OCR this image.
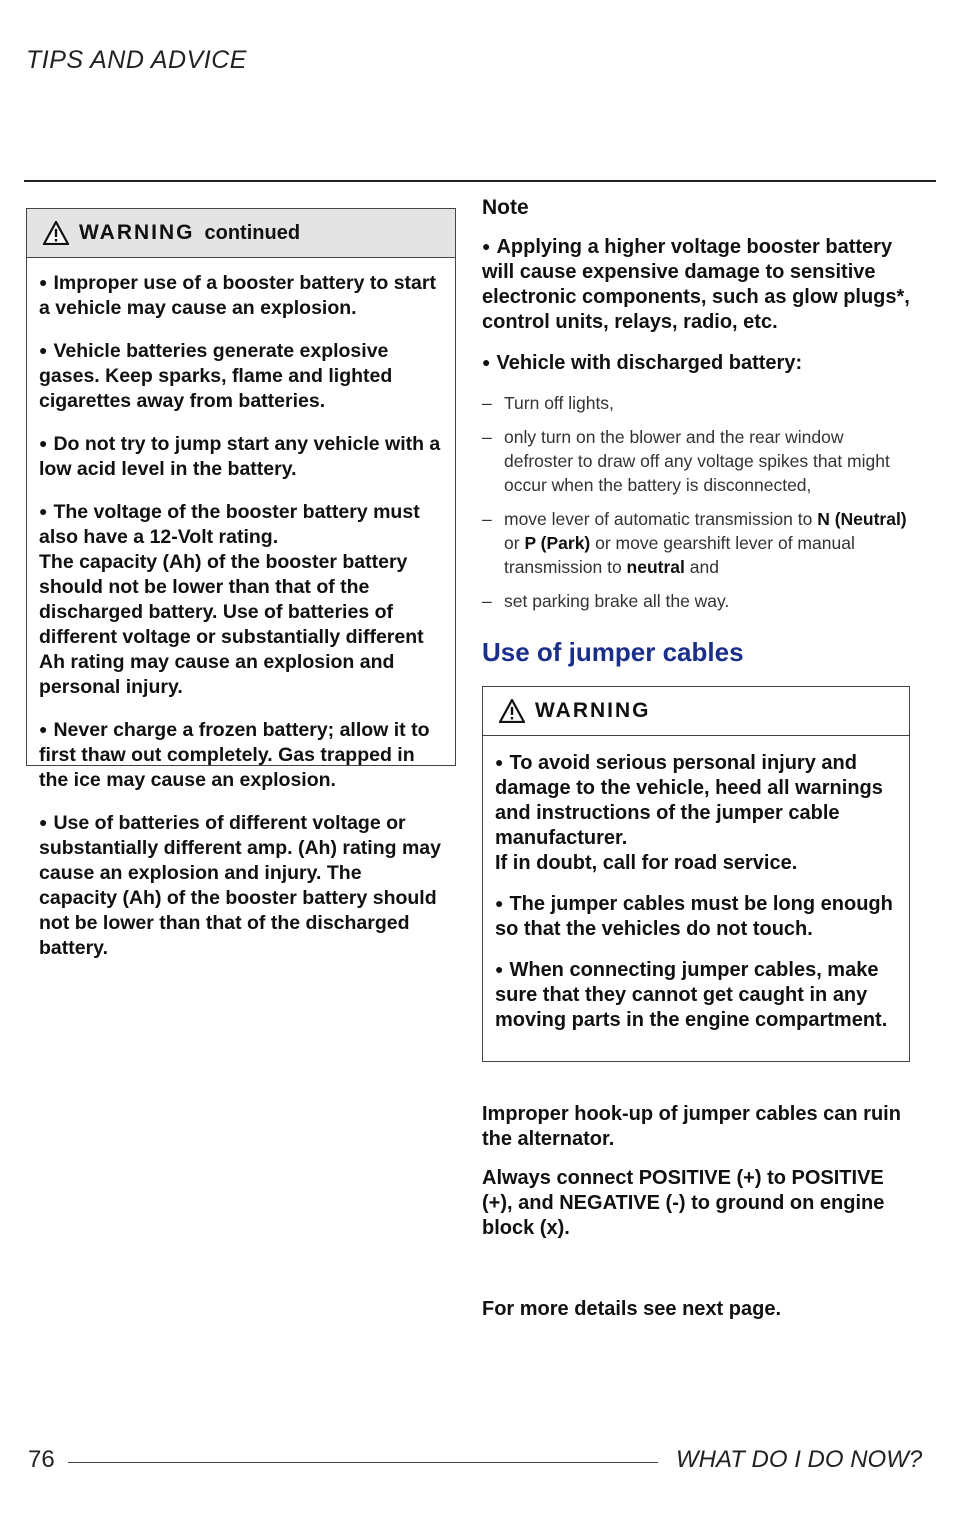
TIPS AND ADVICE
WARNING continued

● Improper use of a booster battery to start a vehicle may cause an explosion.

● Vehicle batteries generate explosive gases. Keep sparks, flame and lighted cigarettes away from batteries.

● Do not try to jump start any vehicle with a low acid level in the battery.

● The voltage of the booster battery must also have a 12-Volt rating.
The capacity (Ah) of the booster battery should not be lower than that of the discharged battery. Use of batteries of different voltage or substantially different Ah rating may cause an explosion and personal injury.

● Never charge a frozen battery; allow it to first thaw out completely. Gas trapped in the ice may cause an explosion.

● Use of batteries of different voltage or substantially different amp. (Ah) rating may cause an explosion and injury. The capacity (Ah) of the booster battery should not be lower than that of the discharged battery.

Note

● Applying a higher voltage booster battery will cause expensive damage to sensitive electronic components, such as glow plugs*, control units, relays, radio, etc.

● Vehicle with discharged battery:

– Turn off lights,
– only turn on the blower and the rear window defroster to draw off any voltage spikes that might occur when the battery is disconnected,
– move lever of automatic transmission to N (Neutral) or P (Park) or move gearshift lever of manual transmission to neutral and
– set parking brake all the way.
Use of jumper cables
WARNING

● To avoid serious personal injury and damage to the vehicle, heed all warnings and instructions of the jumper cable manufacturer.
If in doubt, call for road service.

● The jumper cables must be long enough so that the vehicles do not touch.

● When connecting jumper cables, make sure that they cannot get caught in any moving parts in the engine compartment.

Improper hook-up of jumper cables can ruin the alternator.

Always connect POSITIVE (+) to POSITIVE (+), and NEGATIVE (-) to ground on engine block (x).

For more details see next page.

76	WHAT DO I DO NOW?
